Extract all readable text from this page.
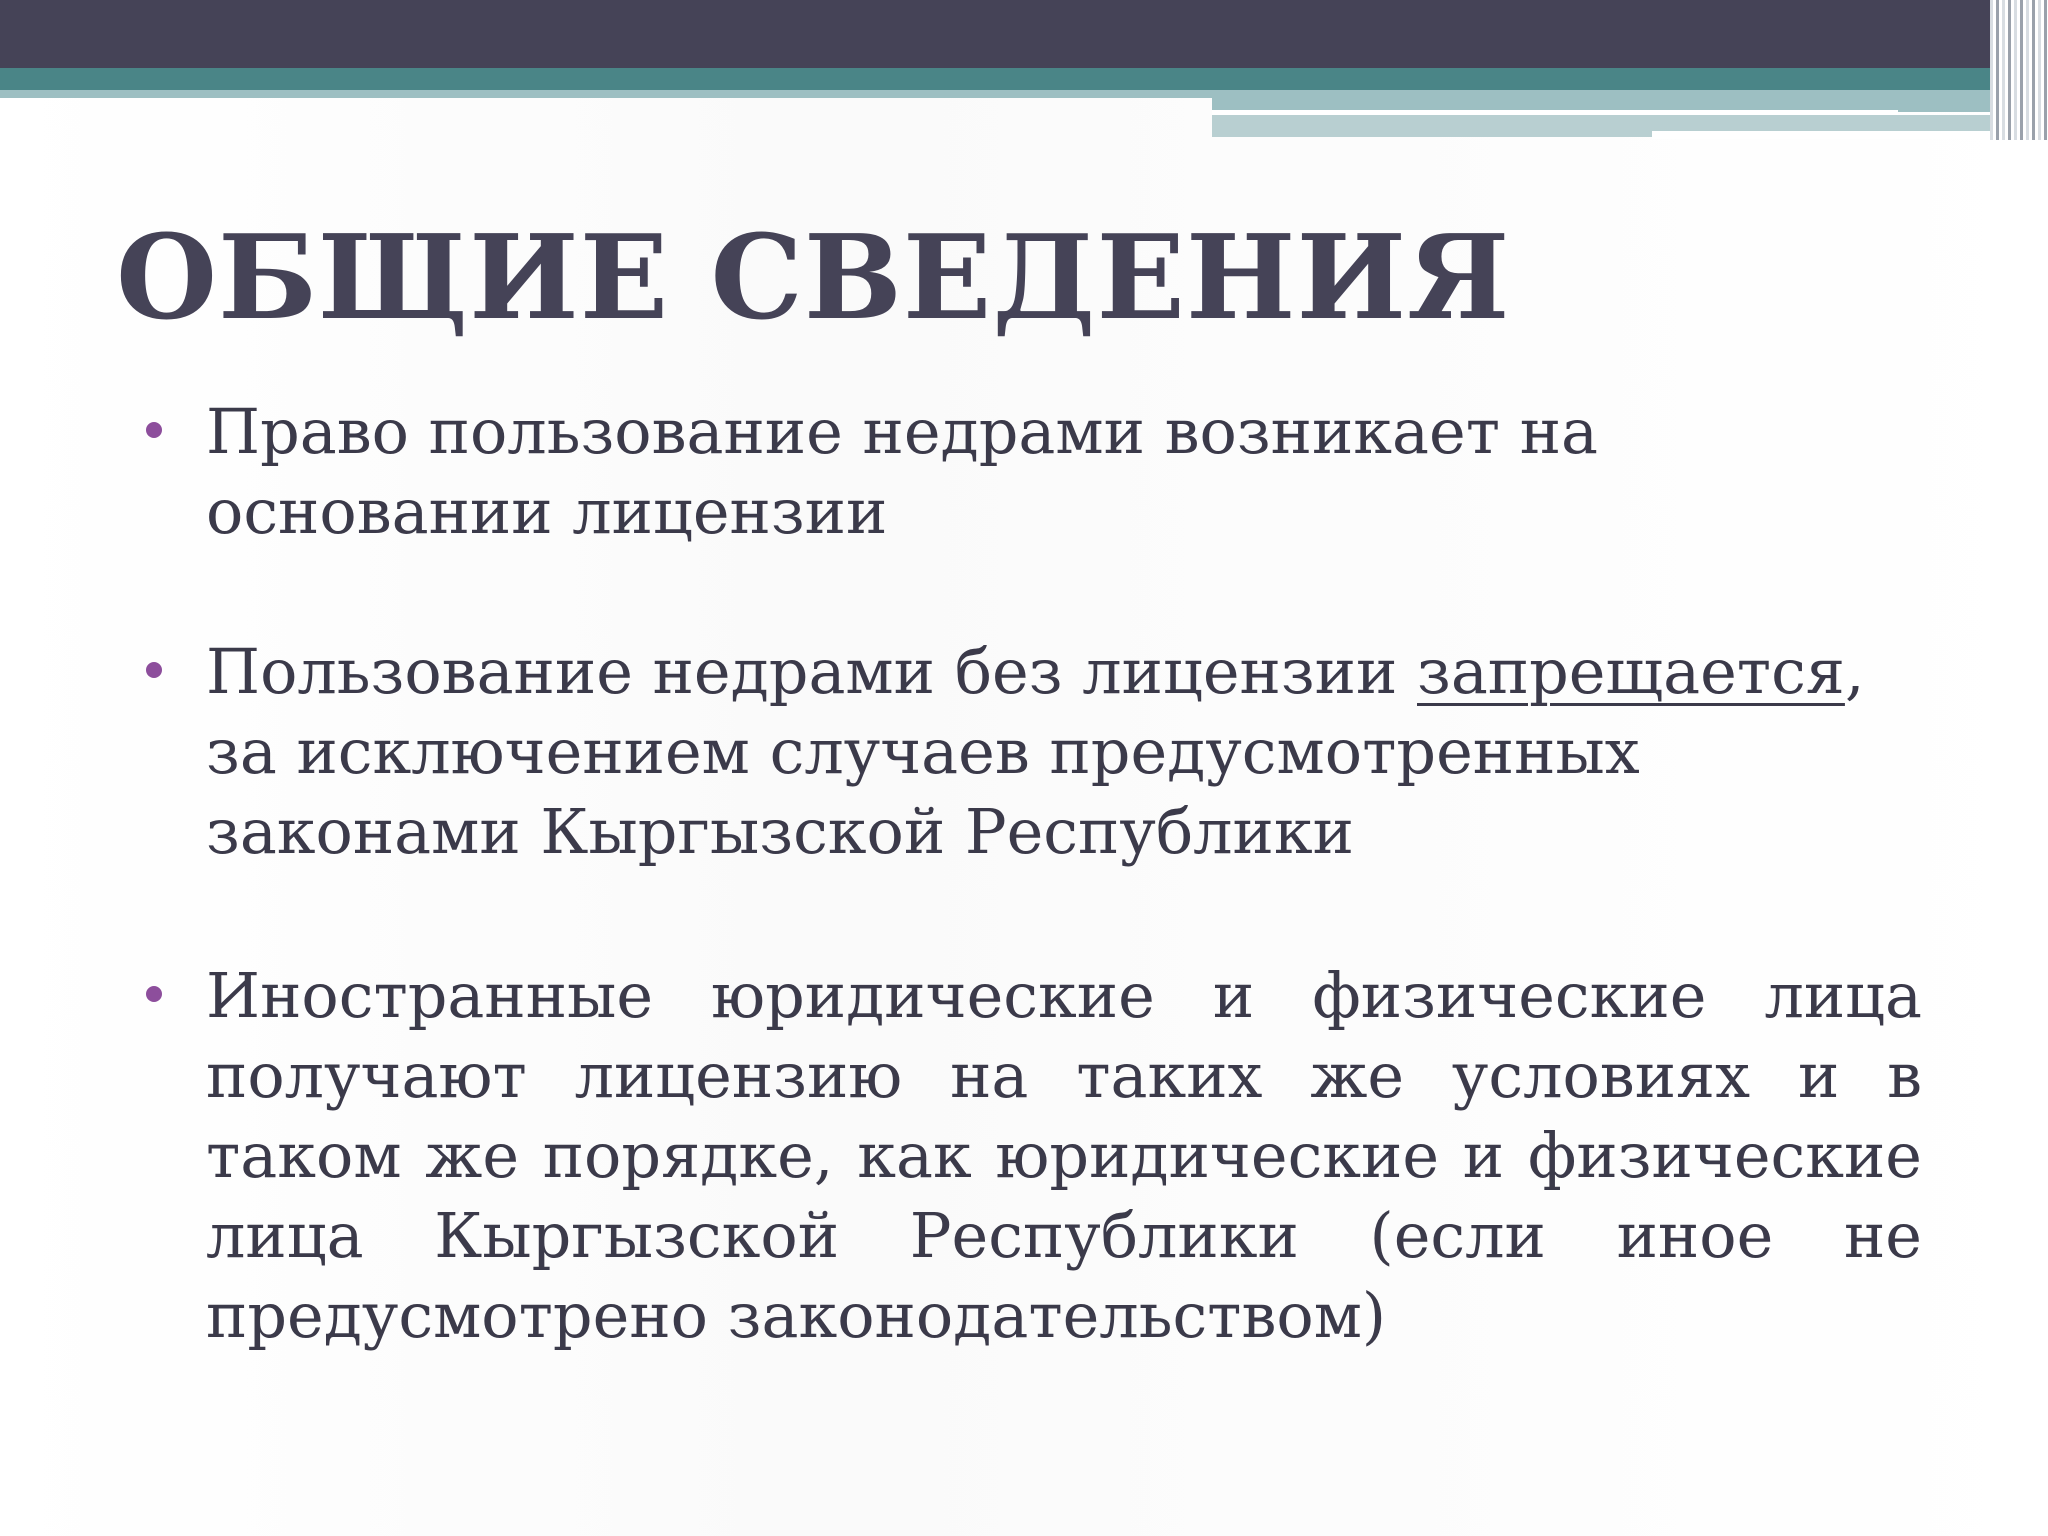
ОБЩИЕ СВЕДЕНИЯ
Право пользование недрами возникает на основании лицензии
Пользование недрами без лицензии запрещается, за исключением случаев предусмотренных законами Кыргызской Республики
Иностранные юридические и физические лица получают лицензию на таких же условиях и в таком же порядке, как юридические и физические лица Кыргызской Республики (если иное не предусмотрено законодательством)
